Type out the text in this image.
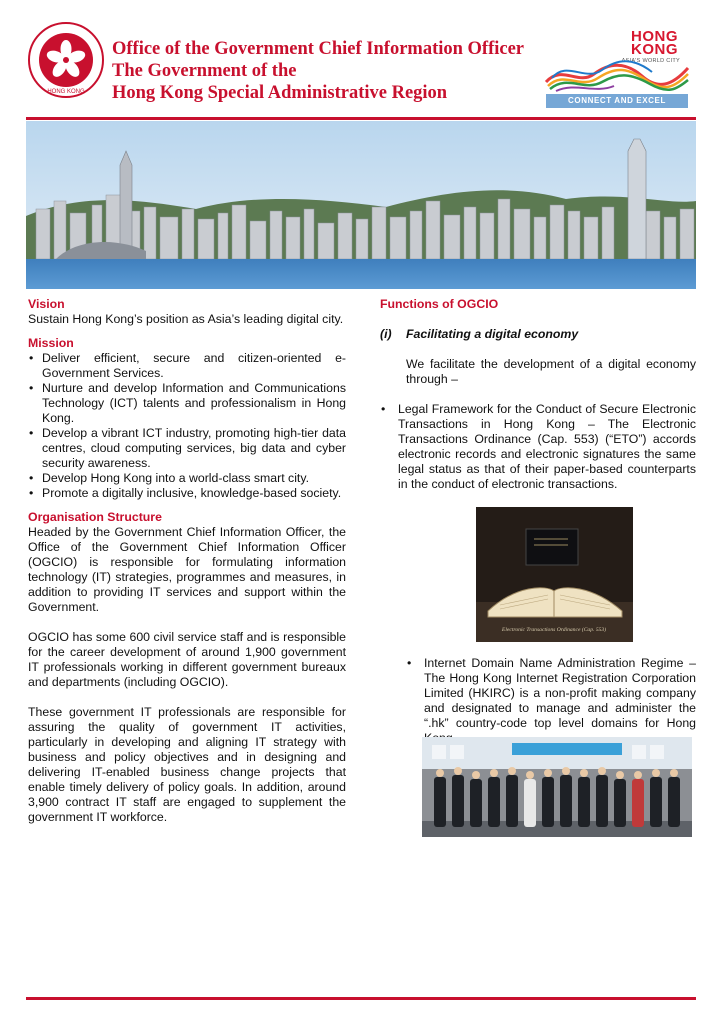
HONG KONG
Office of the Government Chief Information Officer
The Government of the
Hong Kong Special Administrative Region
HONG
KONG
ASIA'S WORLD CITY
CONNECT AND EXCEL
Vision
Sustain Hong Kong’s position as Asia’s leading digital city.
Mission
• Deliver efficient, secure and citizen-oriented e-Government Services.
• Nurture and develop Information and Communications Technology (ICT) talents and professionalism in Hong Kong.
• Develop a vibrant ICT industry, promoting high-tier data centres, cloud computing services, big data and cyber security awareness.
• Develop Hong Kong into a world-class smart city.
• Promote a digitally inclusive, knowledge-based society.
Organisation Structure
Headed by the Government Chief Information Officer, the Office of the Government Chief Information Officer (OGCIO) is responsible for formulating information technology (IT) strategies, programmes and measures, in addition to providing IT services and support within the Government.
OGCIO has some 600 civil service staff and is responsible for the career development of around 1,900 government IT professionals working in different government bureaux and departments (including OGCIO).
These government IT professionals are responsible for assuring the quality of government IT activities, particularly in developing and aligning IT strategy with business and policy objectives and in designing and delivering IT-enabled business change projects that enable timely delivery of policy goals. In addition, around 3,900 contract IT staff are engaged to supplement the government IT workforce.
Functions of OGCIO
(i)	Facilitating a digital economy
We facilitate the development of a digital economy through –
• Legal Framework for the Conduct of Secure Electronic Transactions in Hong Kong – The Electronic Transactions Ordinance (Cap. 553) (“ETO”) accords electronic records and electronic signatures the same legal status as that of their paper-based counterparts in the conduct of electronic transactions.
Electronic Transactions Ordinance (Cap. 553)
• Internet Domain Name Administration Regime – The Hong Kong Internet Registration Corporation Limited (HKIRC) is a non-profit making company and designated to manage and administer the “.hk” country-code top level domains for Hong
